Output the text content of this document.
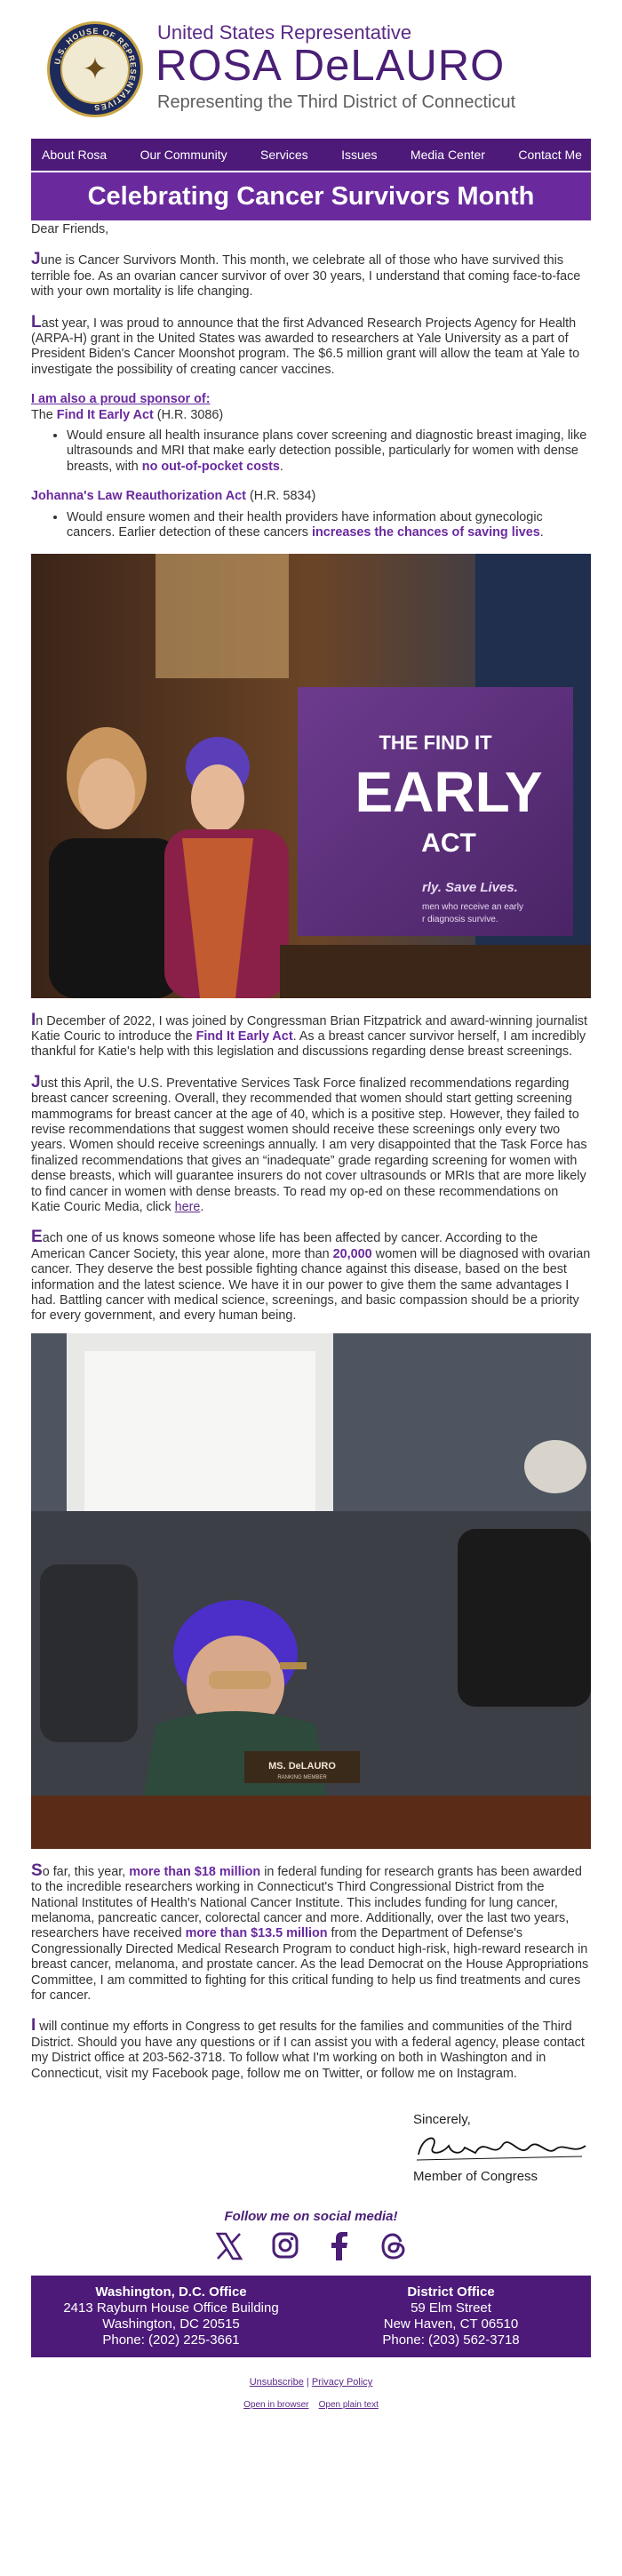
U.S. HOUSE OF REPRESENTATIVES
✦
United States Representative
ROSA DeLAURO
Representing the Third District of Connecticut
About Rosa	Our Community	Services	Issues	Media Center	Contact Me
Celebrating Cancer Survivors Month

Dear Friends,

June is Cancer Survivors Month. This month, we celebrate all of those who have survived this terrible foe. As an ovarian cancer survivor of over 30 years, I understand that coming face-to-face with your own mortality is life changing.

Last year, I was proud to announce that the first Advanced Research Projects Agency for Health (ARPA-H) grant in the United States was awarded to researchers at Yale University as a part of President Biden's Cancer Moonshot program. The $6.5 million grant will allow the team at Yale to investigate the possibility of creating cancer vaccines.

I am also a proud sponsor of:

The Find It Early Act (H.R. 3086)

• Would ensure all health insurance plans cover screening and diagnostic breast imaging, like ultrasounds and MRI that make early detection possible, particularly for women with dense breasts, with no out-of-pocket costs.

Johanna's Law Reauthorization Act (H.R. 5834)

• Would ensure women and their health providers have information about gynecologic cancers. Earlier detection of these cancers increases the chances of saving lives.
THE FIND IT
EARLY
ACT
rly. Save Lives.
men who receive an early
r diagnosis survive.

In December of 2022, I was joined by Congressman Brian Fitzpatrick and award-winning journalist Katie Couric to introduce the Find It Early Act. As a breast cancer survivor herself, I am incredibly thankful for Katie's help with this legislation and discussions regarding dense breast screenings.

Just this April, the U.S. Preventative Services Task Force finalized recommendations regarding breast cancer screening. Overall, they recommended that women should start getting screening mammograms for breast cancer at the age of 40, which is a positive step. However, they failed to revise recommendations that suggest women should receive these screenings only every two years. Women should receive screenings annually. I am very disappointed that the Task Force has finalized recommendations that gives an “inadequate” grade regarding screening for women with dense breasts, which will guarantee insurers do not cover ultrasounds or MRIs that are more likely to find cancer in women with dense breasts. To read my op-ed on these recommendations on Katie Couric Media, click here.

Each one of us knows someone whose life has been affected by cancer. According to the American Cancer Society, this year alone, more than 20,000 women will be diagnosed with ovarian cancer. They deserve the best possible fighting chance against this disease, based on the best information and the latest science. We have it in our power to give them the same advantages I had. Battling cancer with medical science, screenings, and basic compassion should be a priority for every government, and every human being.

MS. DeLAURO
RANKING MEMBER

So far, this year, more than $18 million in federal funding for research grants has been awarded to the incredible researchers working in Connecticut's Third Congressional District from the National Institutes of Health's National Cancer Institute. This includes funding for lung cancer, melanoma, pancreatic cancer, colorectal cancer and more. Additionally, over the last two years, researchers have received more than $13.5 million from the Department of Defense's Congressionally Directed Medical Research Program to conduct high-risk, high-reward research in breast cancer, melanoma, and prostate cancer. As the lead Democrat on the House Appropriations Committee, I am committed to fighting for this critical funding to help us find treatments and cures for cancer.

I will continue my efforts in Congress to get results for the families and communities of the Third District. Should you have any questions or if I can assist you with a federal agency, please contact my District office at 203-562-3718. To follow what I'm working on both in Washington and in Connecticut, visit my Facebook page, follow me on Twitter, or follow me on Instagram.

Sincerely,
Member of Congress
Follow me on social media!
Washington, D.C. Office
2413 Rayburn House Office Building
Washington, DC 20515
Phone: (202) 225-3661
District Office
59 Elm Street
New Haven, CT 06510
Phone: (203) 562-3718
Unsubscribe | Privacy Policy
Open in browser Open plain text
